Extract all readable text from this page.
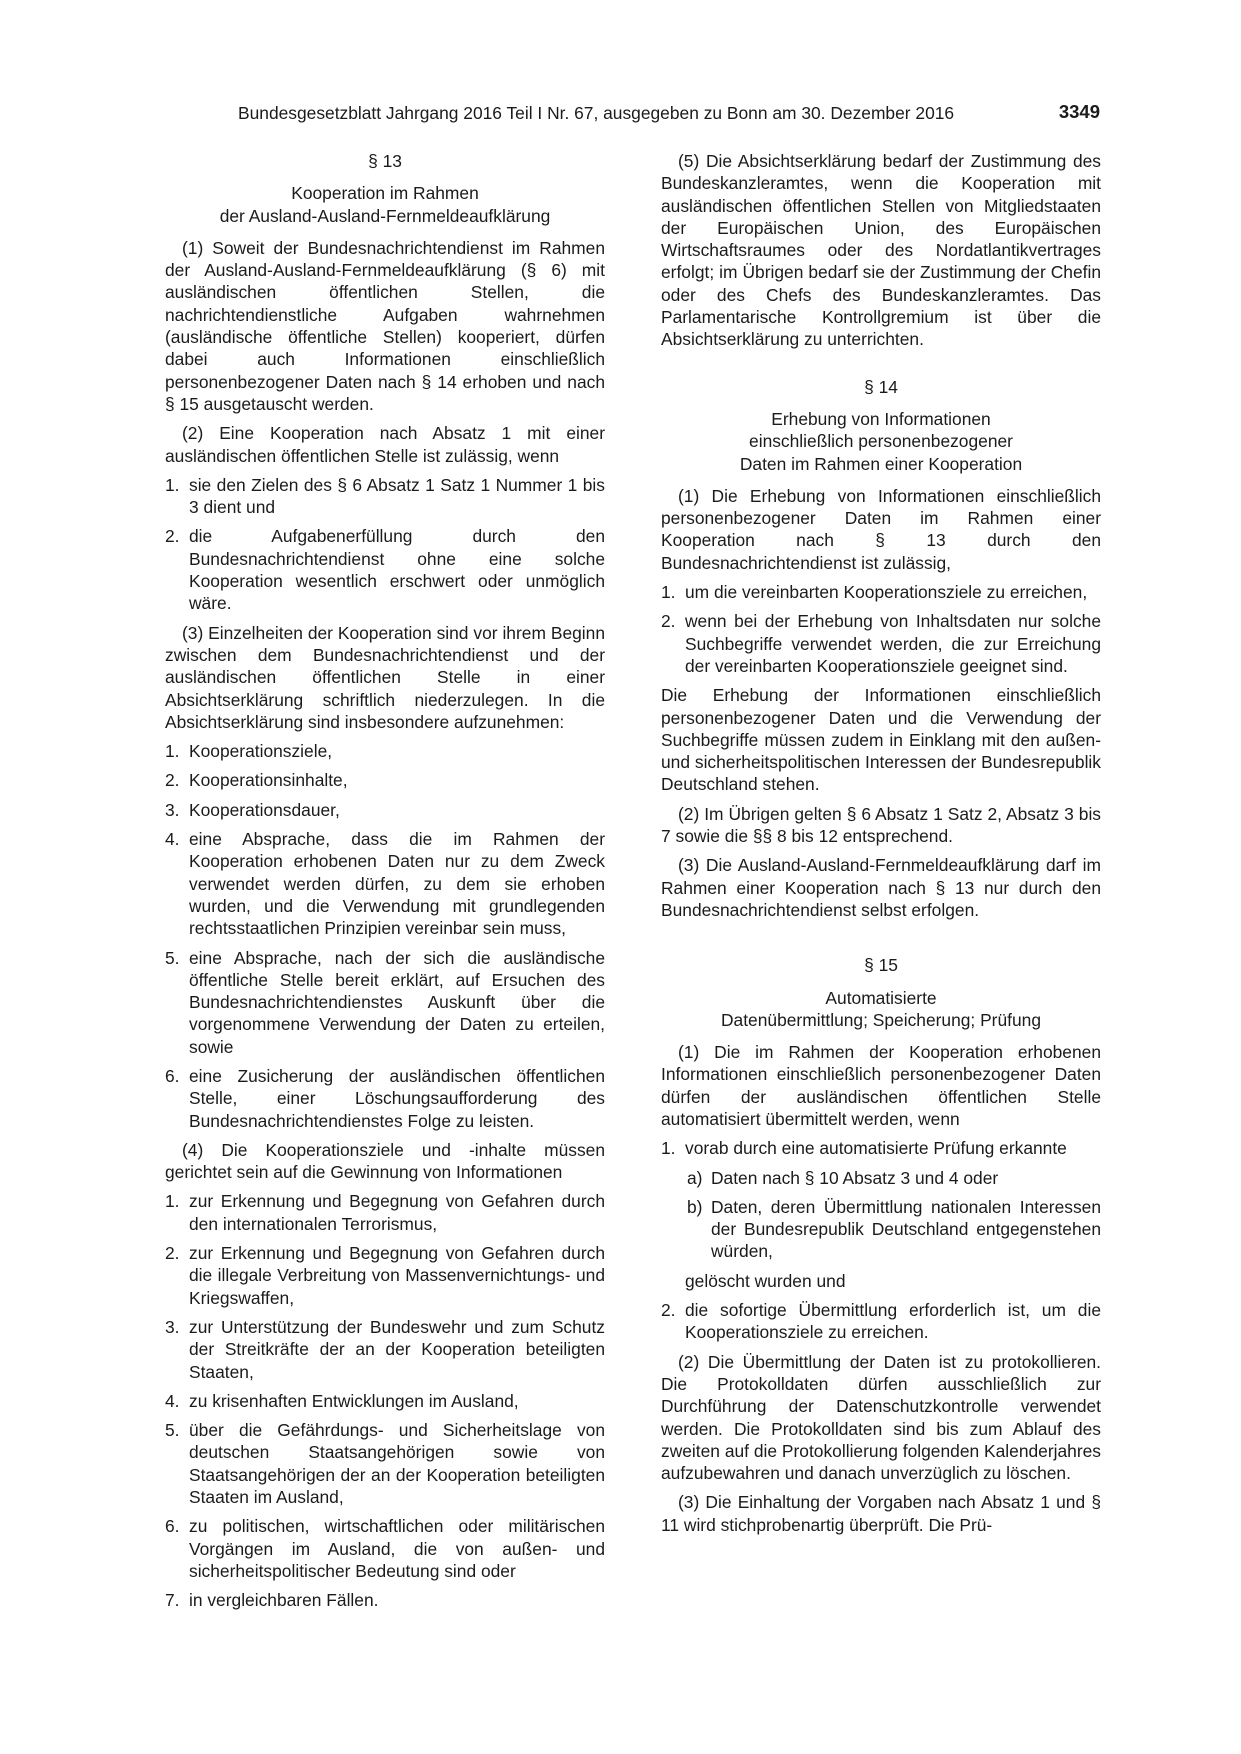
Bundesgesetzblatt Jahrgang 2016 Teil I Nr. 67, ausgegeben zu Bonn am 30. Dezember 2016	3349
§ 13
Kooperation im Rahmen
der Ausland-Ausland-Fernmeldeaufklärung

(1) Soweit der Bundesnachrichtendienst im Rahmen der Ausland-Ausland-Fernmeldeaufklärung (§ 6) mit ausländischen öffentlichen Stellen, die nachrichtendienstliche Aufgaben wahrnehmen (ausländische öffentliche Stellen) kooperiert, dürfen dabei auch Informationen einschließlich personenbezogener Daten nach § 14 erhoben und nach § 15 ausgetauscht werden.

(2) Eine Kooperation nach Absatz 1 mit einer ausländischen öffentlichen Stelle ist zulässig, wenn

1. sie den Zielen des § 6 Absatz 1 Satz 1 Nummer 1 bis 3 dient und
2. die Aufgabenerfüllung durch den Bundesnachrichtendienst ohne eine solche Kooperation wesentlich erschwert oder unmöglich wäre.

(3) Einzelheiten der Kooperation sind vor ihrem Beginn zwischen dem Bundesnachrichtendienst und der ausländischen öffentlichen Stelle in einer Absichtserklärung schriftlich niederzulegen. In die Absichtserklärung sind insbesondere aufzunehmen:

1. Kooperationsziele,
2. Kooperationsinhalte,
3. Kooperationsdauer,
4. eine Absprache, dass die im Rahmen der Kooperation erhobenen Daten nur zu dem Zweck verwendet werden dürfen, zu dem sie erhoben wurden, und die Verwendung mit grundlegenden rechtsstaatlichen Prinzipien vereinbar sein muss,
5. eine Absprache, nach der sich die ausländische öffentliche Stelle bereit erklärt, auf Ersuchen des Bundesnachrichtendienstes Auskunft über die vorgenommene Verwendung der Daten zu erteilen, sowie
6. eine Zusicherung der ausländischen öffentlichen Stelle, einer Löschungsaufforderung des Bundesnachrichtendienstes Folge zu leisten.

(4) Die Kooperationsziele und -inhalte müssen gerichtet sein auf die Gewinnung von Informationen

1. zur Erkennung und Begegnung von Gefahren durch den internationalen Terrorismus,
2. zur Erkennung und Begegnung von Gefahren durch die illegale Verbreitung von Massenvernichtungs- und Kriegswaffen,
3. zur Unterstützung der Bundeswehr und zum Schutz der Streitkräfte der an der Kooperation beteiligten Staaten,
4. zu krisenhaften Entwicklungen im Ausland,
5. über die Gefährdungs- und Sicherheitslage von deutschen Staatsangehörigen sowie von Staatsangehörigen der an der Kooperation beteiligten Staaten im Ausland,
6. zu politischen, wirtschaftlichen oder militärischen Vorgängen im Ausland, die von außen- und sicherheitspolitischer Bedeutung sind oder
7. in vergleichbaren Fällen.

(5) Die Absichtserklärung bedarf der Zustimmung des Bundeskanzleramtes, wenn die Kooperation mit ausländischen öffentlichen Stellen von Mitgliedstaaten der Europäischen Union, des Europäischen Wirtschaftsraumes oder des Nordatlantikvertrages erfolgt; im Übrigen bedarf sie der Zustimmung der Chefin oder des Chefs des Bundeskanzleramtes. Das Parlamentarische Kontrollgremium ist über die Absichtserklärung zu unterrichten.

§ 14
Erhebung von Informationen
einschließlich personenbezogener
Daten im Rahmen einer Kooperation

(1) Die Erhebung von Informationen einschließlich personenbezogener Daten im Rahmen einer Kooperation nach § 13 durch den Bundesnachrichtendienst ist zulässig,

1. um die vereinbarten Kooperationsziele zu erreichen,
2. wenn bei der Erhebung von Inhaltsdaten nur solche Suchbegriffe verwendet werden, die zur Erreichung der vereinbarten Kooperationsziele geeignet sind.

Die Erhebung der Informationen einschließlich personenbezogener Daten und die Verwendung der Suchbegriffe müssen zudem in Einklang mit den außen- und sicherheitspolitischen Interessen der Bundesrepublik Deutschland stehen.

(2) Im Übrigen gelten § 6 Absatz 1 Satz 2, Absatz 3 bis 7 sowie die §§ 8 bis 12 entsprechend.

(3) Die Ausland-Ausland-Fernmeldeaufklärung darf im Rahmen einer Kooperation nach § 13 nur durch den Bundesnachrichtendienst selbst erfolgen.

§ 15
Automatisierte
Datenübermittlung; Speicherung; Prüfung

(1) Die im Rahmen der Kooperation erhobenen Informationen einschließlich personenbezogener Daten dürfen der ausländischen öffentlichen Stelle automatisiert übermittelt werden, wenn

1. vorab durch eine automatisierte Prüfung erkannte
a) Daten nach § 10 Absatz 3 und 4 oder
b) Daten, deren Übermittlung nationalen Interessen der Bundesrepublik Deutschland entgegenstehen würden,
gelöscht wurden und
2. die sofortige Übermittlung erforderlich ist, um die Kooperationsziele zu erreichen.

(2) Die Übermittlung der Daten ist zu protokollieren. Die Protokolldaten dürfen ausschließlich zur Durchführung der Datenschutzkontrolle verwendet werden. Die Protokolldaten sind bis zum Ablauf des zweiten auf die Protokollierung folgenden Kalenderjahres aufzubewahren und danach unverzüglich zu löschen.

(3) Die Einhaltung der Vorgaben nach Absatz 1 und § 11 wird stichprobenartig überprüft. Die Prü-
